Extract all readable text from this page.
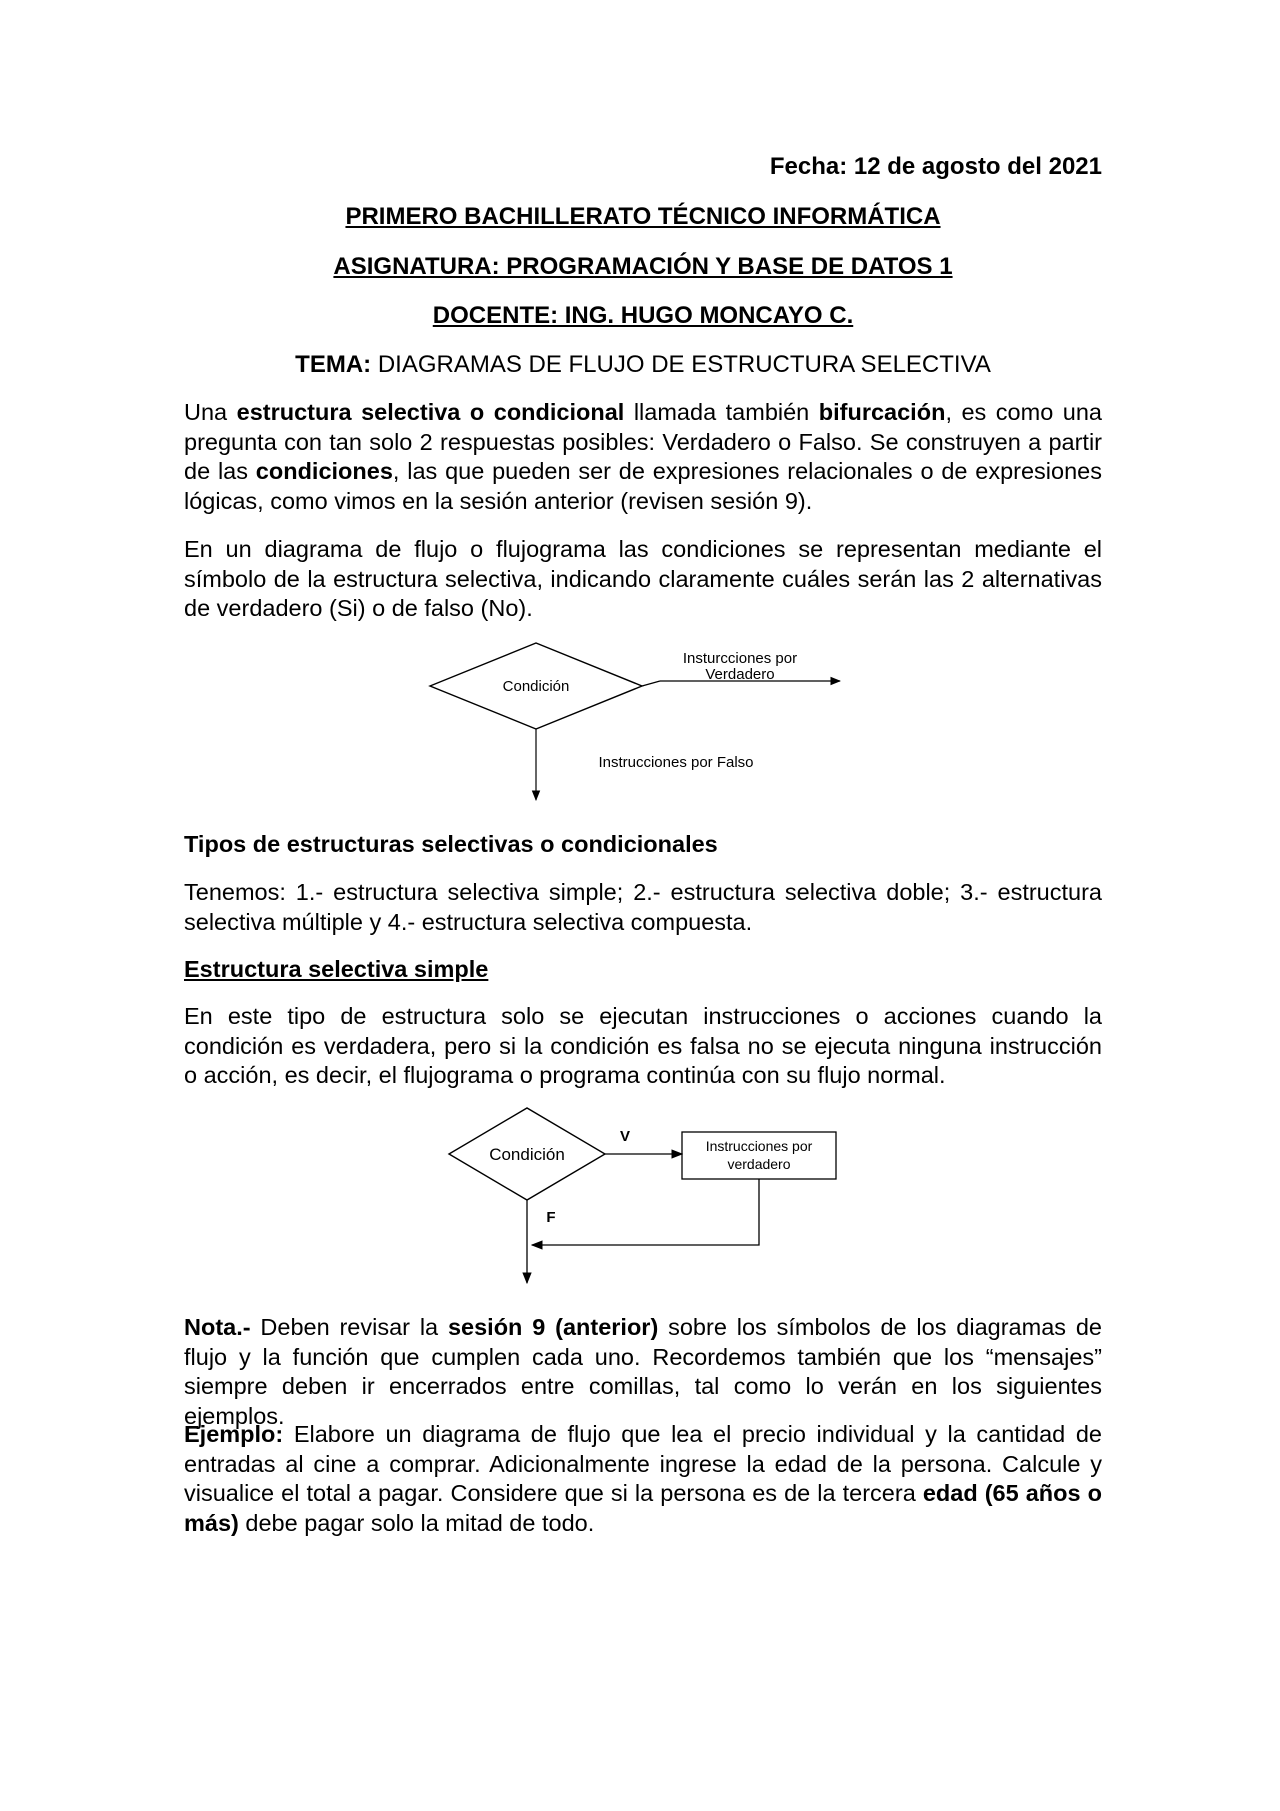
Fecha: 12 de agosto del 2021
PRIMERO BACHILLERATO TÉCNICO INFORMÁTICA
ASIGNATURA: PROGRAMACIÓN Y BASE DE DATOS 1
DOCENTE: ING. HUGO MONCAYO C.
TEMA: DIAGRAMAS DE FLUJO DE ESTRUCTURA SELECTIVA

Una estructura selectiva o condicional llamada también bifurcación, es como una pregunta con tan solo 2 respuestas posibles: Verdadero o Falso. Se construyen a partir de las condiciones, las que pueden ser de expresiones relacionales o de expresiones lógicas, como vimos en la sesión anterior (revisen sesión 9).

En un diagrama de flujo o flujograma las condiciones se representan mediante el símbolo de la estructura selectiva, indicando claramente cuáles serán las 2 alternativas de verdadero (Si) o de falso (No).

Condición
Insturcciones por
Verdadero
Instrucciones por Falso
Condición
V
Instrucciones por
verdadero
F
Tipos de estructuras selectivas o condicionales

Tenemos: 1.- estructura selectiva simple; 2.- estructura selectiva doble; 3.- estructura selectiva múltiple y 4.- estructura selectiva compuesta.

Estructura selectiva simple

En este tipo de estructura solo se ejecutan instrucciones o acciones cuando la condición es verdadera, pero si la condición es falsa no se ejecuta ninguna instrucción o acción, es decir, el flujograma o programa continúa con su flujo normal.

Nota.- Deben revisar la sesión 9 (anterior) sobre los símbolos de los diagramas de flujo y la función que cumplen cada uno. Recordemos también que los “mensajes” siempre deben ir encerrados entre comillas, tal como lo verán en los siguientes ejemplos.

Ejemplo: Elabore un diagrama de flujo que lea el precio individual y la cantidad de entradas al cine a comprar. Adicionalmente ingrese la edad de la persona. Calcule y visualice el total a pagar. Considere que si la persona es de la tercera edad (65 años o más) debe pagar solo la mitad de todo.
